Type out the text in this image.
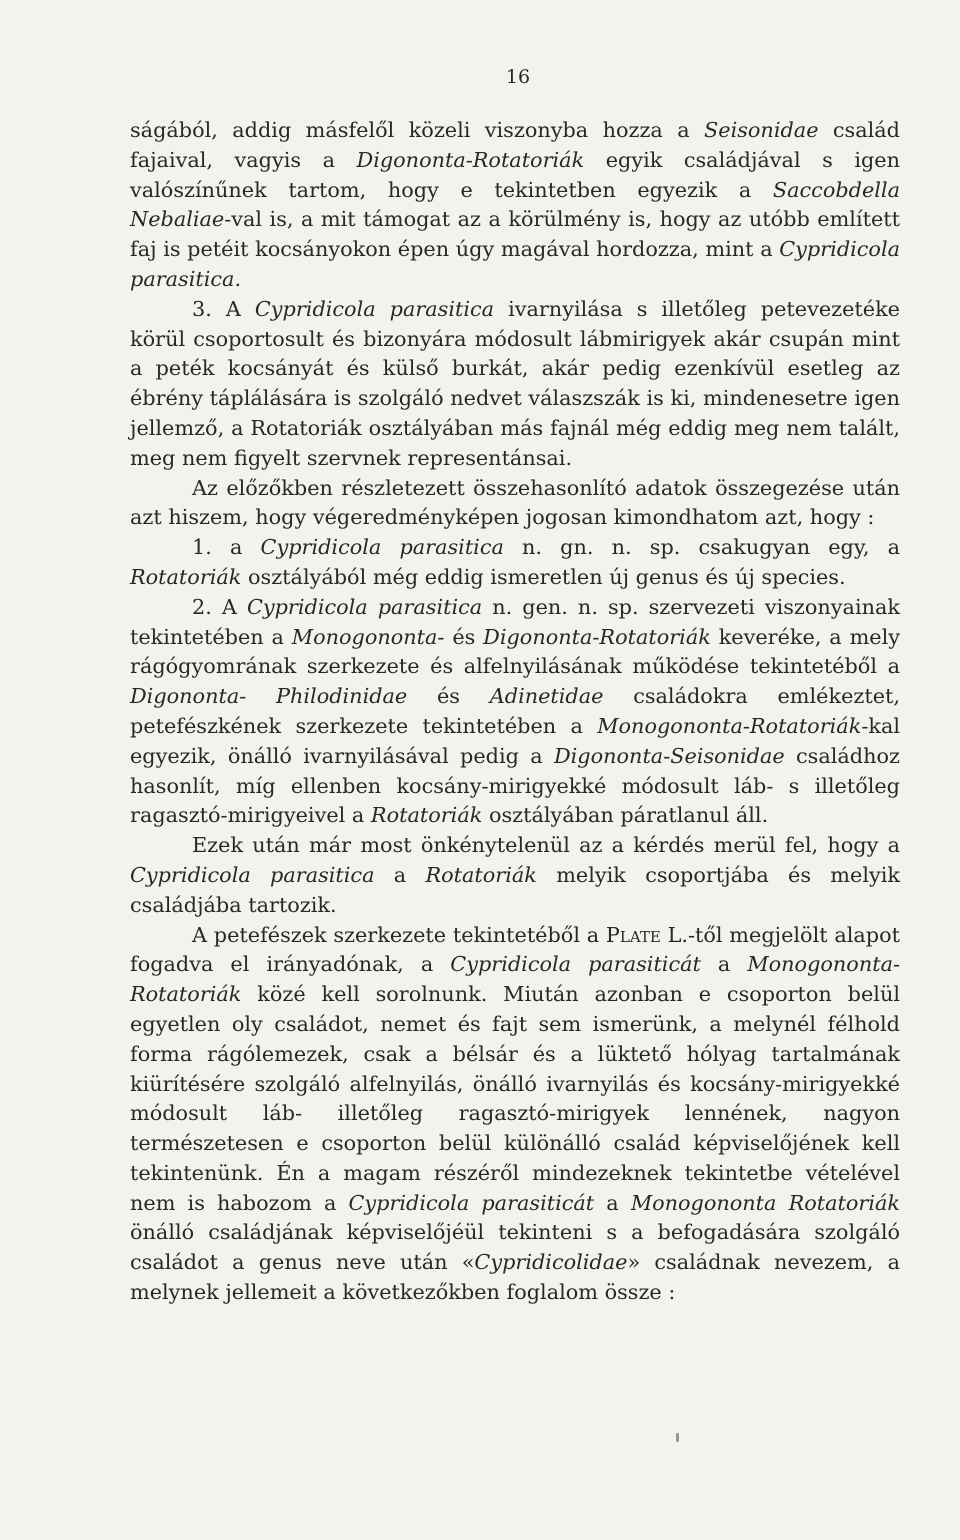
16

ságából, addig másfelől közeli viszonyba hozza a Seisonidae család fajaival, vagyis a Digononta-Rotatoriák egyik családjával s igen valószínűnek tartom, hogy e tekintetben egyezik a Saccobdella Nebaliae-val is, a mit támogat az a körülmény is, hogy az utóbb említett faj is petéit kocsányokon épen úgy magával hordozza, mint a Cypridicola parasitica.

3. A Cypridicola parasitica ivarnyilása s illetőleg petevezetéke körül csoportosult és bizonyára módosult lábmirigyek akár csupán mint a peték kocsányát és külső burkát, akár pedig ezenkívül esetleg az ébrény táplálására is szolgáló nedvet válaszszák is ki, mindenesetre igen jellemző, a Rotatoriák osztályában más fajnál még eddig meg nem talált, meg nem figyelt szervnek representánsai.

Az előzőkben részletezett összehasonlító adatok összegezése után azt hiszem, hogy végeredményképen jogosan kimondhatom azt, hogy :

1. a Cypridicola parasitica n. gn. n. sp. csakugyan egy, a Rotatoriák osztályából még eddig ismeretlen új genus és új species.

2. A Cypridicola parasitica n. gen. n. sp. szervezeti viszonyainak tekintetében a Monogononta- és Digononta-Rotatoriák keveréke, a mely rágógyomrának szerkezete és alfelnyilásának működése tekintetéből a Digononta- Philodinidae és Adinetidae családokra emlékeztet, petefészkének szerkezete tekintetében a Monogononta-Rotatoriák-kal egyezik, önálló ivarnyilásával pedig a Digononta-Seisonidae családhoz hasonlít, míg ellenben kocsány-mirigyekké módosult láb- s illetőleg ragasztó-mirigyeivel a Rotatoriák osztályában páratlanul áll.

Ezek után már most önkénytelenül az a kérdés merül fel, hogy a Cypridicola parasitica a Rotatoriák melyik csoportjába és melyik családjába tartozik.

A petefészek szerkezete tekintetéből a Plate L.-től megjelölt alapot fogadva el irányadónak, a Cypridicola parasiticát a Monogononta-Rotatoriák közé kell sorolnunk. Miután azonban e csoporton belül egyetlen oly családot, nemet és fajt sem ismerünk, a melynél félhold forma rágólemezek, csak a bélsár és a lüktető hólyag tartalmának kiürítésére szolgáló alfelnyilás, önálló ivarnyilás és kocsány-mirigyekké módosult láb- illetőleg ragasztó-mirigyek lennének, nagyon természetesen e csoporton belül különálló család képviselőjének kell tekintenünk. Én a magam részéről mindezeknek tekintetbe vételével nem is habozom a Cypridicola parasiticát a Monogononta Rotatoriák önálló családjának képviselőjéül tekinteni s a befogadására szolgáló családot a genus neve után «Cypridicolidae» családnak nevezem, a melynek jellemeit a következőkben foglalom össze :
